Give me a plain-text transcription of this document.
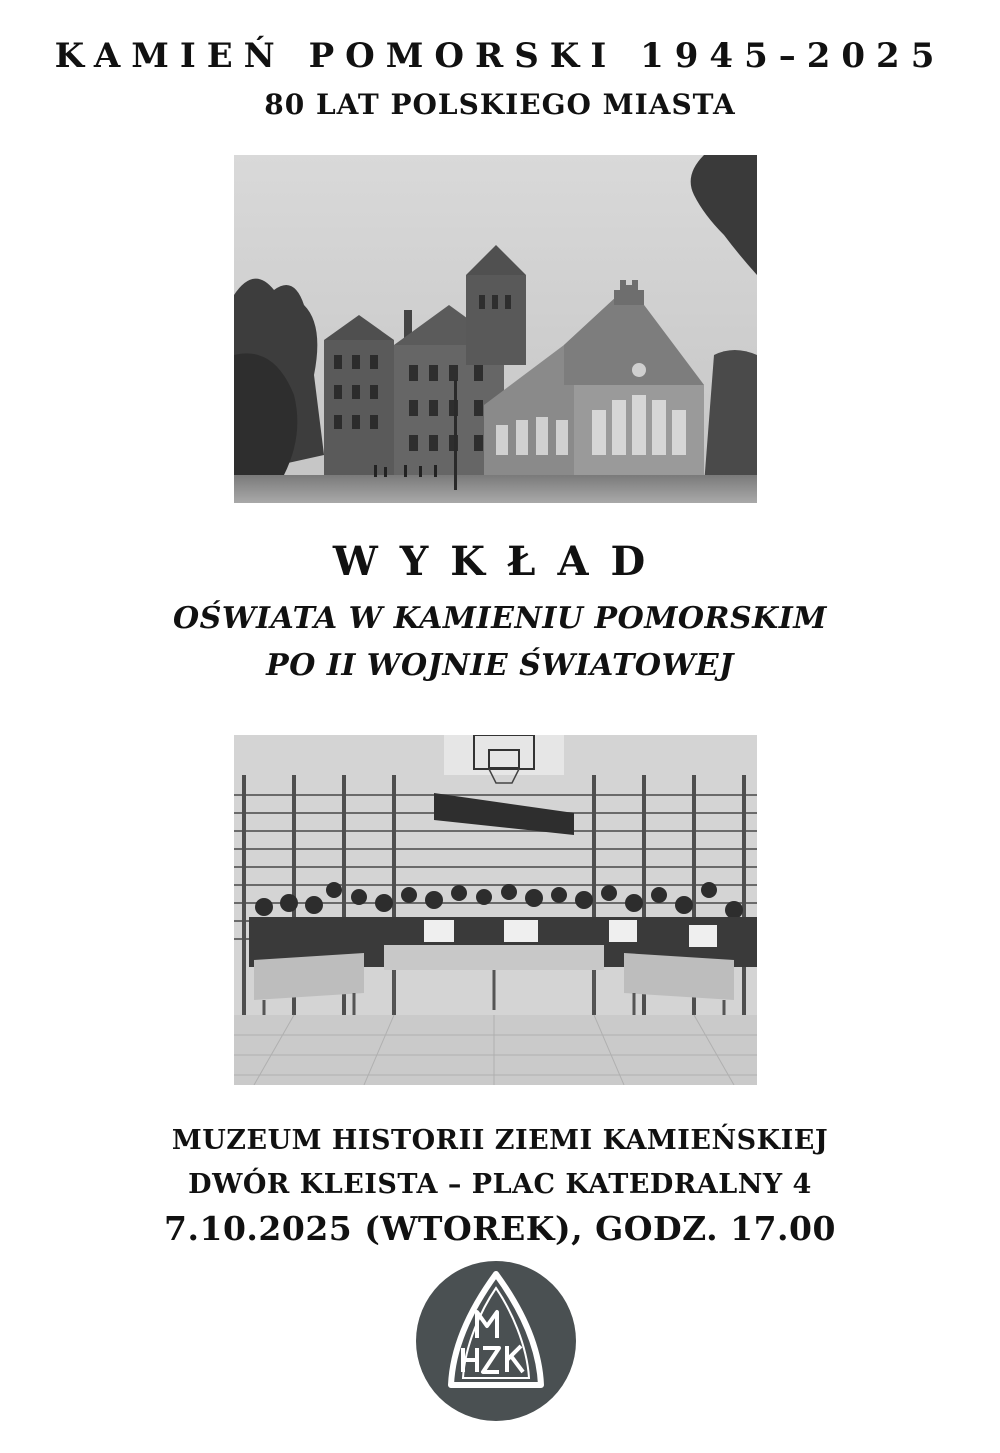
KAMIEŃ POMORSKI 1945–2025
80 LAT POLSKIEGO MIASTA
WYKŁAD
OŚWIATA W KAMIENIU POMORSKIM
PO II WOJNIE ŚWIATOWEJ
MUZEUM HISTORII ZIEMI KAMIEŃSKIEJ
DWÓR KLEISTA – PLAC KATEDRALNY 4
7.10.2025 (WTOREK), GODZ. 17.00
